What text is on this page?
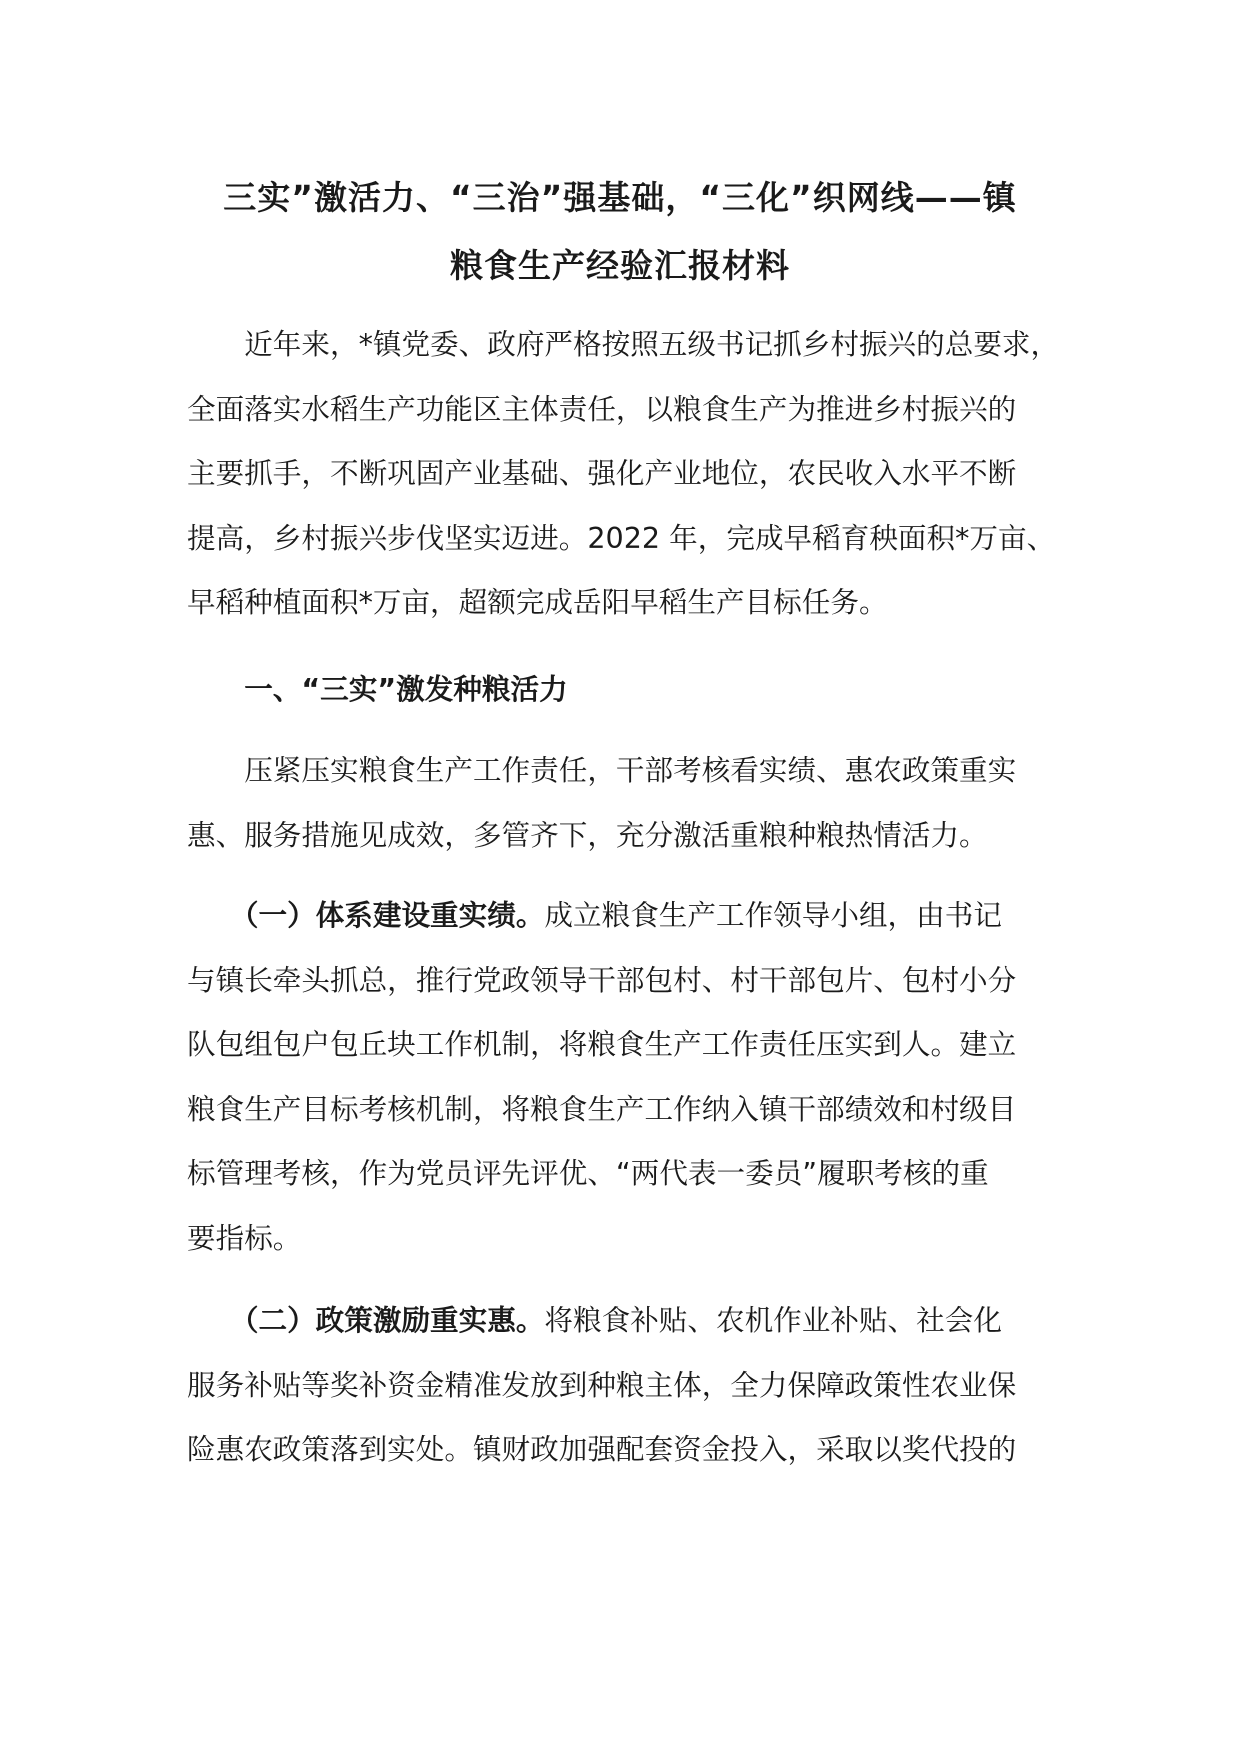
三实”激活力、“三治”强基础，“三化”织网线——镇
粮食生产经验汇报材料
　　近年来，*镇党委、政府严格按照五级书记抓乡村振兴的总要求，
全面落实水稻生产功能区主体责任，以粮食生产为推进乡村振兴的
主要抓手，不断巩固产业基础、强化产业地位，农民收入水平不断
提高，乡村振兴步伐坚实迈进。2022 年，完成早稻育秧面积*万亩、
早稻种植面积*万亩，超额完成岳阳早稻生产目标任务。
　　一、“三实”激发种粮活力
　　压紧压实粮食生产工作责任，干部考核看实绩、惠农政策重实
惠、服务措施见成效，多管齐下，充分激活重粮种粮热情活力。
　　（一）体系建设重实绩。成立粮食生产工作领导小组，由书记
与镇长牵头抓总，推行党政领导干部包村、村干部包片、包村小分
队包组包户包丘块工作机制，将粮食生产工作责任压实到人。建立
粮食生产目标考核机制，将粮食生产工作纳入镇干部绩效和村级目
标管理考核，作为党员评先评优、“两代表一委员”履职考核的重
要指标。
　　（二）政策激励重实惠。将粮食补贴、农机作业补贴、社会化
服务补贴等奖补资金精准发放到种粮主体，全力保障政策性农业保
险惠农政策落到实处。镇财政加强配套资金投入，采取以奖代投的
